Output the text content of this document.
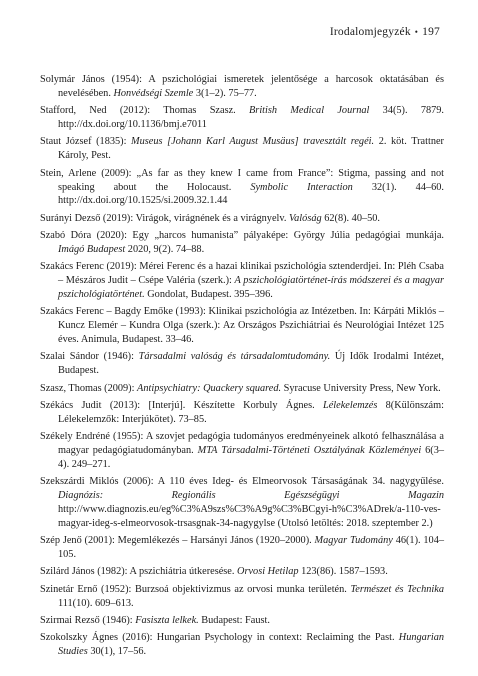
Irodalomjegyzék • 197
Solymár János (1954): A pszichológiai ismeretek jelentősége a harcosok oktatásában és nevelésében. Honvédségi Szemle 3(1–2). 75–77.
Stafford, Ned (2012): Thomas Szasz. British Medical Journal 34(5). 7879. http://dx.doi.org/10.1136/bmj.e7011
Staut József (1835): Museus [Johann Karl August Musäus] travesztált regéi. 2. köt. Trattner Károly, Pest.
Stein, Arlene (2009): „As far as they knew I came from France”: Stigma, passing and not speaking about the Holocaust. Symbolic Interaction 32(1). 44–60. http://dx.doi.org/10.1525/si.2009.32.1.44
Surányi Dezső (2019): Virágok, virágnének és a virágnyelv. Valóság 62(8). 40–50.
Szabó Dóra (2020): Egy „harcos humanista” pályaképe: György Júlia pedagógiai munkája. Imágó Budapest 2020, 9(2). 74–88.
Szakács Ferenc (2019): Mérei Ferenc és a hazai klinikai pszichológia sztenderdjei. In: Pléh Csaba – Mészáros Judit – Csépe Valéria (szerk.): A pszichológiatörténet-írás módszerei és a magyar pszichológiatörténet. Gondolat, Budapest. 395–396.
Szakács Ferenc – Bagdy Emőke (1993): Klinikai pszichológia az Intézetben. In: Kárpáti Miklós – Kuncz Elemér – Kundra Olga (szerk.): Az Országos Pszichiátriai és Neurológiai Intézet 125 éves. Animula, Budapest. 33–46.
Szalai Sándor (1946): Társadalmi valóság és társadalomtudomány. Új Idők Irodalmi Intézet, Budapest.
Szasz, Thomas (2009): Antipsychiatry: Quackery squared. Syracuse University Press, New York.
Székács Judit (2013): [Interjú]. Készítette Korbuly Ágnes. Lélekelemzés 8(Különszám: Lélekelemzők: Interjúkötet). 73–85.
Székely Endréné (1955): A szovjet pedagógia tudományos eredményeinek alkotó felhasználása a magyar pedagógiatudományban. MTA Társadalmi-Történeti Osztályának Közleményei 6(3–4). 249–271.
Szekszárdi Miklós (2006): A 110 éves Ideg- és Elmeorvosok Társaságának 34. nagygyűlése. Diagnózis: Regionális Egészségügyi Magazin http://www.diagnozis.eu/eg%C3%A9szs%C3%A9g%C3%BCgyi-h%C3%ADrek/a-110-ves-magyar-ideg-s-elmeorvosok-trsasgnak-34-nagygylse (Utolsó letöltés: 2018. szeptember 2.)
Szép Jenő (2001): Megemlékezés – Harsányi János (1920–2000). Magyar Tudomány 46(1). 104–105.
Szilárd János (1982): A pszichiátria útkeresése. Orvosi Hetilap 123(86). 1587–1593.
Szinetár Ernő (1952): Burzsoá objektivizmus az orvosi munka területén. Természet és Technika 111(10). 609–613.
Szirmai Rezső (1946): Fasiszta lelkek. Budapest: Faust.
Szokolszky Ágnes (2016): Hungarian Psychology in context: Reclaiming the Past. Hungarian Studies 30(1), 17–56.
